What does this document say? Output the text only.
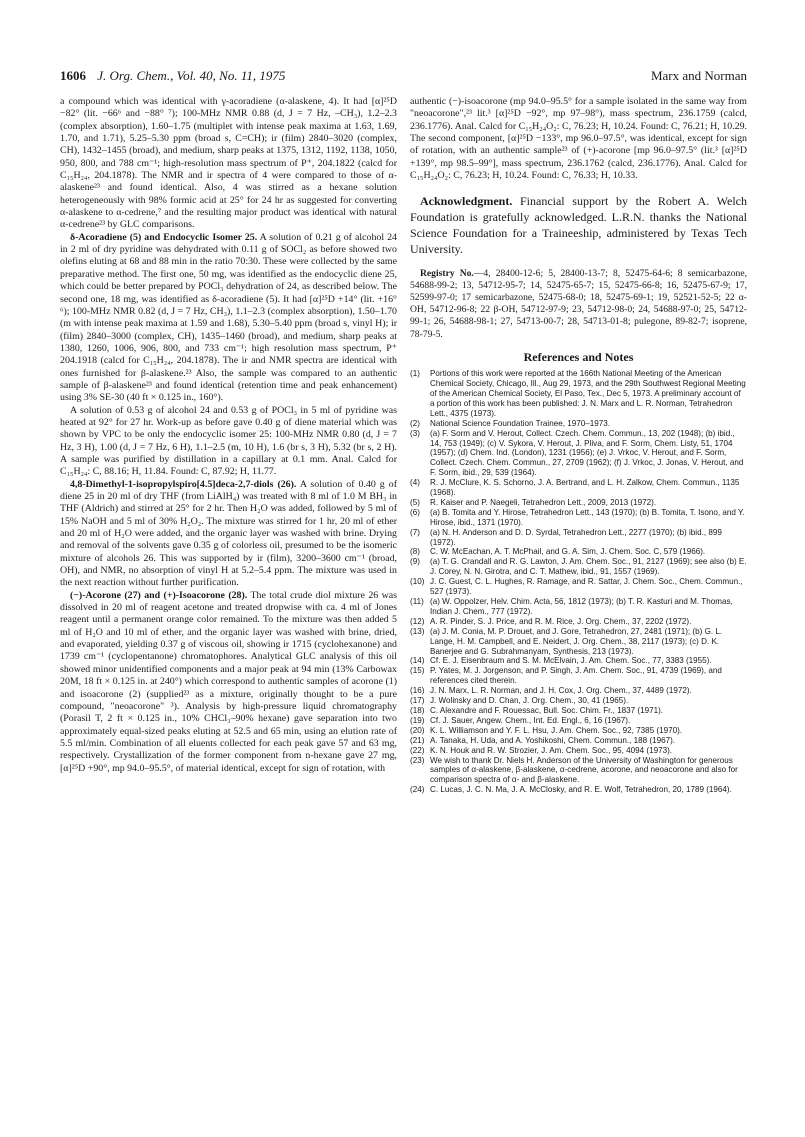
1606 J. Org. Chem., Vol. 40, No. 11, 1975	Marx and Norman

a compound which was identical with γ-acoradiene (α-alaskene, 4). It had [α]²⁵D −82° (lit. −66⁶ and −88° ⁷); 100-MHz NMR 0.88 (d, J = 7 Hz, –CH₃), 1.2–2.3 (complex absorption), 1.60–1.75 (multiplet with intense peak maxima at 1.63, 1.69, 1.70, and 1.71), 5.25–5.30 ppm (broad s, C=CH); ir (film) 2840–3020 (complex, CH), 1432–1455 (broad), and medium, sharp peaks at 1375, 1312, 1192, 1138, 1050, 950, 800, and 788 cm⁻¹; high-resolution mass spectrum of P⁺, 204.1822 (calcd for C₁₅H₂₄, 204.1878). The NMR and ir spectra of 4 were compared to those of α-alaskene²³ and found identical. Also, 4 was stirred as a hexane solution heterogeneously with 98% formic acid at 25° for 24 hr as suggested for converting α-alaskene to α-cedrene,⁷ and the resulting major product was identical with natural α-cedrene²³ by GLC comparisons.

δ-Acoradiene (5) and Endocyclic Isomer 25. A solution of 0.21 g of alcohol 24 in 2 ml of dry pyridine was dehydrated with 0.11 g of SOCl₂ as before showed two olefins eluting at 68 and 88 min in the ratio 70:30. These were collected by the same preparative method. The first one, 50 mg, was identified as the endocyclic diene 25, which could be better prepared by POCl₃ dehydration of 24, as described below. The second one, 18 mg, was identified as δ-acoradiene (5). It had [α]²⁵D +14° (lit. +16° ⁶); 100-MHz NMR 0.82 (d, J = 7 Hz, CH₃), 1.1–2.3 (complex absorption), 1.50–1.70 (m with intense peak maxima at 1.59 and 1.68), 5.30–5.40 ppm (broad s, vinyl H); ir (film) 2840–3000 (complex, CH), 1435–1460 (broad), and medium, sharp peaks at 1380, 1260, 1006, 906, 800, and 733 cm⁻¹; high resolution mass spectrum, P⁺ 204.1918 (calcd for C₁₅H₂₄, 204.1878). The ir and NMR spectra are identical with ones furnished for β-alaskene.²³ Also, the sample was compared to an authentic sample of β-alaskene²³ and found identical (retention time and peak enhancement) using 3% SE-30 (40 ft × 0.125 in., 160°).

A solution of 0.53 g of alcohol 24 and 0.53 g of POCl₃ in 5 ml of pyridine was heated at 92° for 27 hr. Work-up as before gave 0.40 g of diene material which was shown by VPC to be only the endocyclic isomer 25: 100-MHz NMR 0.80 (d, J = 7 Hz, 3 H), 1.00 (d, J = 7 Hz, 6 H), 1.1–2.5 (m, 10 H), 1.6 (br s, 3 H), 5.32 (br s, 2 H). A sample was purified by distillation in a capillary at 0.1 mm. Anal. Calcd for C₁₅H₂₄: C, 88.16; H, 11.84. Found: C, 87.92; H, 11.77.

4,8-Dimethyl-1-isopropylspiro[4.5]deca-2,7-diols (26). A solution of 0.40 g of diene 25 in 20 ml of dry THF (from LiAlH₄) was treated with 8 ml of 1.0 M BH₃ in THF (Aldrich) and stirred at 25° for 2 hr. Then H₂O was added, followed by 5 ml of 15% NaOH and 5 ml of 30% H₂O₂. The mixture was stirred for 1 hr, 20 ml of ether and 20 ml of H₂O were added, and the organic layer was washed with brine. Drying and removal of the solvents gave 0.35 g of colorless oil, presumed to be the isomeric mixture of alcohols 26. This was supported by ir (film), 3200–3600 cm⁻¹ (broad, OH), and NMR, no absorption of vinyl H at 5.2–5.4 ppm. The mixture was used in the next reaction without further purification.

(−)-Acorone (27) and (+)-Isoacorone (28). The total crude diol mixture 26 was dissolved in 20 ml of reagent acetone and treated dropwise with ca. 4 ml of Jones reagent until a permanent orange color remained. To the mixture was then added 5 ml of H₂O and 10 ml of ether, and the organic layer was washed with brine, dried, and evaporated, yielding 0.37 g of viscous oil, showing ir 1715 (cyclohexanone) and 1739 cm⁻¹ (cyclopentanone) chromatophores. Analytical GLC analysis of this oil showed minor unidentified components and a major peak at 94 min (13% Carbowax 20M, 18 ft × 0.125 in. at 240°) which correspond to authentic samples of acorone (1) and isoacorone (2) (supplied²³ as a mixture, originally thought to be a pure compound, "neoacorone" ³). Analysis by high-pressure liquid chromatography (Porasil T, 2 ft × 0.125 in., 10% CHCl₃–90% hexane) gave separation into two approximately equal-sized peaks eluting at 52.5 and 65 min, using an elution rate of 5.5 ml/min. Combination of all eluents collected for each peak gave 57 and 63 mg, respectively. Crystallization of the former component from n-hexane gave 27 mg, [α]²⁵D +90°, mp 94.0–95.5°, of material identical, except for sign of rotation, with

authentic (−)-isoacorone (mp 94.0–95.5° for a sample isolated in the same way from "neoacorone",²³ lit.³ [α]²⁵D −92°, mp 97–98°), mass spectrum, 236.1759 (calcd, 236.1776). Anal. Calcd for C₁₅H₂₄O₂: C, 76.23; H, 10.24. Found: C, 76.21; H, 10.29. The second component, [α]²⁵D −133°, mp 96.0–97.5°, was identical, except for sign of rotation, with an authentic sample²³ of (+)-acorone [mp 96.0–97.5° (lit.³ [α]²⁵D +139°, mp 98.5–99°], mass spectrum, 236.1762 (calcd, 236.1776). Anal. Calcd for C₁₅H₂₄O₂: C, 76.23; H, 10.24. Found: C, 76.33; H, 10.33.

Acknowledgment. Financial support by the Robert A. Welch Foundation is gratefully acknowledged. L.R.N. thanks the National Science Foundation for a Traineeship, administered by Texas Tech University.

Registry No.—4, 28400-12-6; 5, 28400-13-7; 8, 52475-64-6; 8 semicarbazone, 54688-99-2; 13, 54712-95-7; 14, 52475-65-7; 15, 52475-66-8; 16, 52475-67-9; 17, 52599-97-0; 17 semicarbazone, 52475-68-0; 18, 52475-69-1; 19, 52521-52-5; 22 α-OH, 54712-96-8; 22 β-OH, 54712-97-9; 23, 54712-98-0; 24, 54688-97-0; 25, 54712-99-1; 26, 54688-98-1; 27, 54713-00-7; 28, 54713-01-8; pulegone, 89-82-7; isoprene, 78-79-5.

References and Notes
(1)	Portions of this work were reported at the 166th National Meeting of the American Chemical Society, Chicago, Ill., Aug 29, 1973, and the 29th Southwest Regional Meeting of the American Chemical Society, El Paso, Tex., Dec 5, 1973. A preliminary account of a portion of this work has been published: J. N. Marx and L. R. Norman, Tetrahedron Lett., 4375 (1973).
(2)	National Science Foundation Trainee, 1970–1973.
(3)	(a) F. Sorm and V. Herout, Collect. Czech. Chem. Commun., 13, 202 (1948); (b) ibid., 14, 753 (1949); (c) V. Sykora, V. Herout, J. Pliva, and F. Sorm, Chem. Listy, 51, 1704 (1957); (d) Chem. Ind. (London), 1231 (1956); (e) J. Vrkoc, V. Herout, and F. Sorm, Collect. Czech. Chem. Commun., 27, 2709 (1962); (f) J. Vrkoc, J. Jonas, V. Herout, and F. Sorm, ibid., 29, 539 (1964).
(4)	R. J. McClure, K. S. Schorno, J. A. Bertrand, and L. H. Zalkow, Chem. Commun., 1135 (1968).
(5)	R. Kaiser and P. Naegeli, Tetrahedron Lett., 2009, 2013 (1972).
(6)	(a) B. Tomita and Y. Hirose, Tetrahedron Lett., 143 (1970); (b) B. Tomita, T. Isono, and Y. Hirose, ibid., 1371 (1970).
(7)	(a) N. H. Anderson and D. D. Syrdal, Tetrahedron Lett., 2277 (1970); (b) ibid., 899 (1972).
(8)	C. W. McEachan, A. T. McPhail, and G. A. Sim, J. Chem. Soc. C, 579 (1966).
(9)	(a) T. G. Crandall and R. G. Lawton, J. Am. Chem. Soc., 91, 2127 (1969); see also (b) E. J. Corey, N. N. Girotra, and C. T. Mathew, ibid., 91, 1557 (1969).
(10) J. C. Guest, C. L. Hughes, R. Ramage, and R. Sattar, J. Chem. Soc., Chem. Commun., 527 (1973).
(11) (a) W. Oppolzer, Helv. Chim. Acta, 56, 1812 (1973); (b) T. R. Kasturi and M. Thomas, Indian J. Chem., 777 (1972).
(12) A. R. Pinder, S. J. Price, and R. M. Rice, J. Org. Chem., 37, 2202 (1972).
(13) (a) J. M. Conia, M. P. Drouet, and J. Gore, Tetrahedron, 27, 2481 (1971); (b) G. L. Lange, H. M. Campbell, and E. Neidert, J. Org. Chem., 38, 2117 (1973); (c) D. K. Banerjee and G. Subrahmanyam, Synthesis, 213 (1973).
(14) Cf. E. J. Eisenbraum and S. M. McElvain, J. Am. Chem. Soc., 77, 3383 (1955).
(15) P. Yates, M. J. Jorgenson, and P. Singh, J. Am. Chem. Soc., 91, 4739 (1969), and references cited therein.
(16) J. N. Marx, L. R. Norman, and J. H. Cox, J. Org. Chem., 37, 4489 (1972).
(17) J. Wolinsky and D. Chan, J. Org. Chem., 30, 41 (1965).
(18) C. Alexandre and F. Rouessac, Bull. Soc. Chim. Fr., 1837 (1971).
(19) Cf. J. Sauer, Angew. Chem., Int. Ed. Engl., 6, 16 (1967).
(20) K. L. Williamson and Y. F. L. Hsu, J. Am. Chem. Soc., 92, 7385 (1970).
(21) A. Tanaka, H. Uda, and A. Yoshikoshi, Chem. Commun., 188 (1967).
(22) K. N. Houk and R. W. Strozier, J. Am. Chem. Soc., 95, 4094 (1973).
(23) We wish to thank Dr. Niels H. Anderson of the University of Washington for generous samples of α-alaskene, β-alaskene, α-cedrene, acorone, and neoacorone and also for comparison spectra of α- and β-alaskene.
(24) C. Lucas, J. C. N. Ma, J. A. McClosky, and R. E. Wolf, Tetrahedron, 20, 1789 (1964).
